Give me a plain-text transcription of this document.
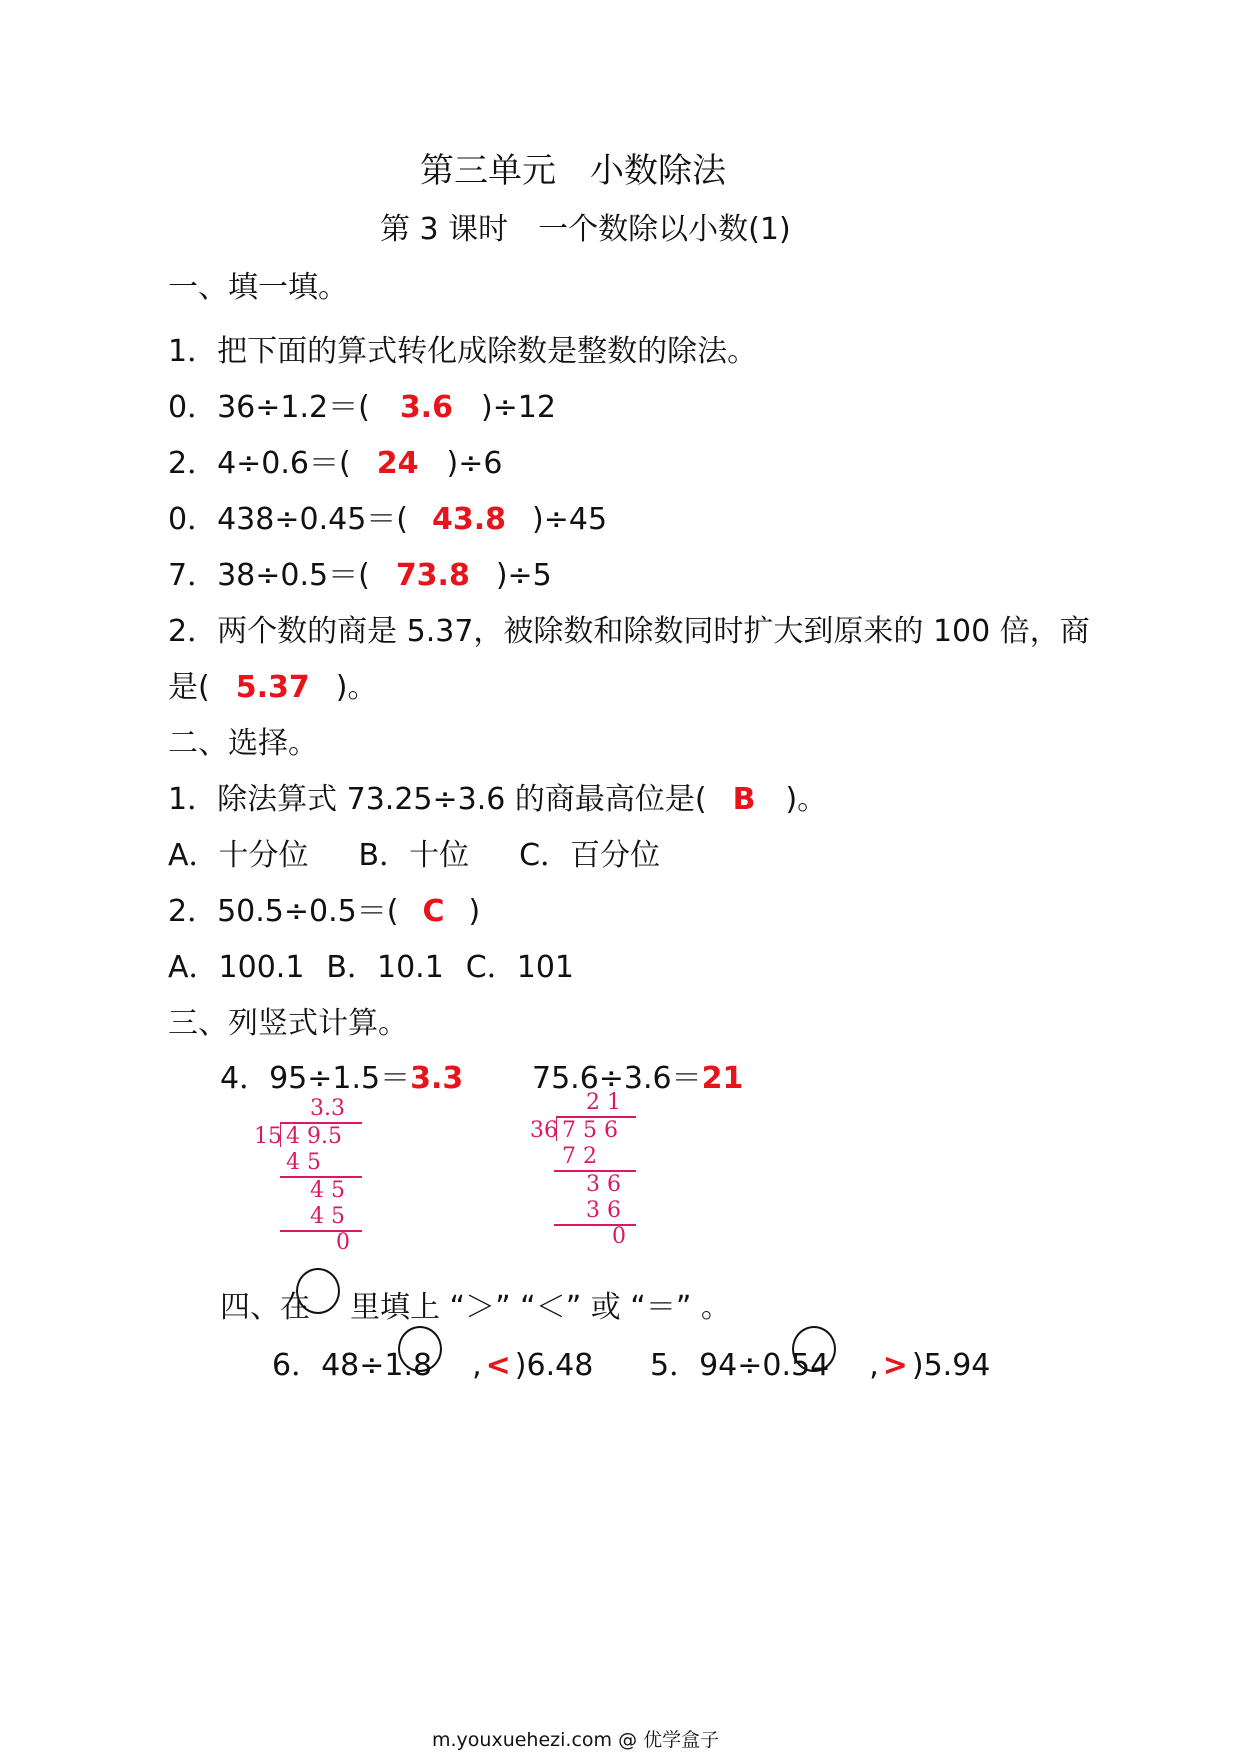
第三单元　小数除法
第 3 课时　一个数除以小数(1)
一、填一填。
1．把下面的算式转化成除数是整数的除法。
0．36÷1.2＝( 3.6 )÷12
2．4÷0.6＝( 24 )÷6
0．438÷0.45＝( 43.8 )÷45
7．38÷0.5＝( 73.8 )÷5
2．两个数的商是 5.37，被除数和除数同时扩大到原来的 100 倍，商
是( 5.37 )。
二、选择。
1．除法算式 73.25÷3.6 的商最高位是( B )。
A．十分位 B．十位 C．百分位
2．50.5÷0.5＝( C )
A．100.1 B．10.1 C．101
三、列竖式计算。
4．95÷1.5＝3.3 75.6÷3.6＝21
3.3
15 4 9.5
4 5
4 5
4 5
0
2 1
36 7 5 6
7 2
3 6
3 6
0
四、在 里填上 “＞” “＜” 或 “＝” 。
6．48÷1.8 , < )6.48 5．94÷0.54 , > )5.94
m.youxuehezi.com @ 优学盒子
